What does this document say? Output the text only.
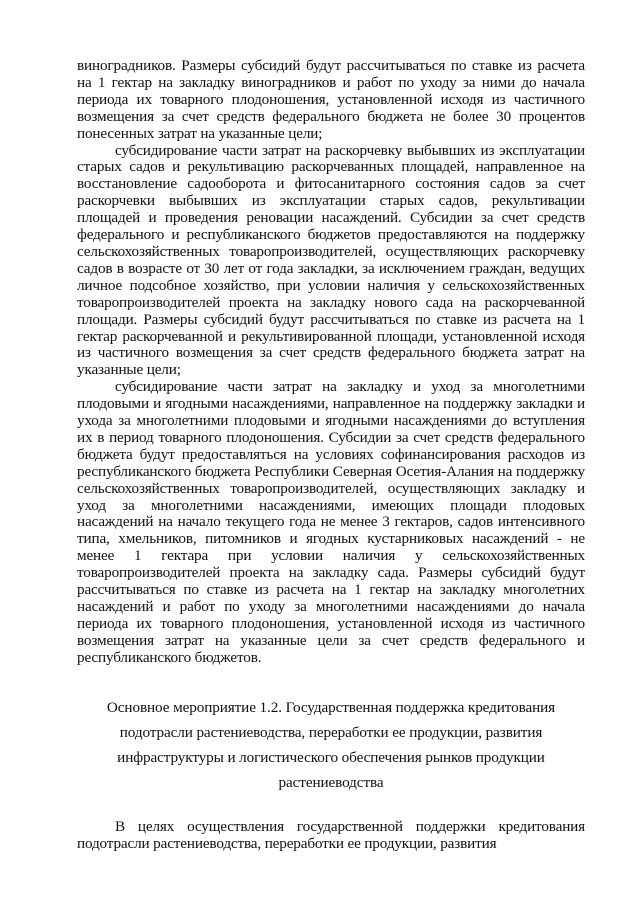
виноградников. Размеры субсидий будут рассчитываться по ставке из расчета на 1 гектар на закладку виноградников и работ по уходу за ними до начала периода их товарного плодоношения, установленной исходя из частичного возмещения за счет средств федерального бюджета не более 30 процентов понесенных затрат на указанные цели;

субсидирование части затрат на раскорчевку выбывших из эксплуатации старых садов и рекультивацию раскорчеванных площадей, направленное на восстановление садооборота и фитосанитарного состояния садов за счет раскорчевки выбывших из эксплуатации старых садов, рекультивации площадей и проведения реновации насаждений. Субсидии за счет средств федерального и республиканского бюджетов предоставляются на поддержку сельскохозяйственных товаропроизводителей, осуществляющих раскорчевку садов в возрасте от 30 лет от года закладки, за исключением граждан, ведущих личное подсобное хозяйство, при условии наличия у сельскохозяйственных товаропроизводителей проекта на закладку нового сада на раскорчеванной площади. Размеры субсидий будут рассчитываться по ставке из расчета на 1 гектар раскорчеванной и рекультивированной площади, установленной исходя из частичного возмещения за счет средств федерального бюджета затрат на указанные цели;

субсидирование части затрат на закладку и уход за многолетними плодовыми и ягодными насаждениями, направленное на поддержку закладки и ухода за многолетними плодовыми и ягодными насаждениями до вступления их в период товарного плодоношения. Субсидии за счет средств федерального бюджета будут предоставляться на условиях софинансирования расходов из республиканского бюджета Республики Северная Осетия-Алания на поддержку сельскохозяйственных товаропроизводителей, осуществляющих закладку и уход за многолетними насаждениями, имеющих площади плодовых насаждений на начало текущего года не менее 3 гектаров, садов интенсивного типа, хмельников, питомников и ягодных кустарниковых насаждений - не менее 1 гектара при условии наличия у сельскохозяйственных товаропроизводителей проекта на закладку сада. Размеры субсидий будут рассчитываться по ставке из расчета на 1 гектар на закладку многолетних насаждений и работ по уходу за многолетними насаждениями до начала периода их товарного плодоношения, установленной исходя из частичного возмещения затрат на указанные цели за счет средств федерального и республиканского бюджетов.

Основное мероприятие 1.2. Государственная поддержка кредитования подотрасли растениеводства, переработки ее продукции, развития инфраструктуры и логистического обеспечения рынков продукции растениеводства

В целях осуществления государственной поддержки кредитования подотрасли растениеводства, переработки ее продукции, развития
